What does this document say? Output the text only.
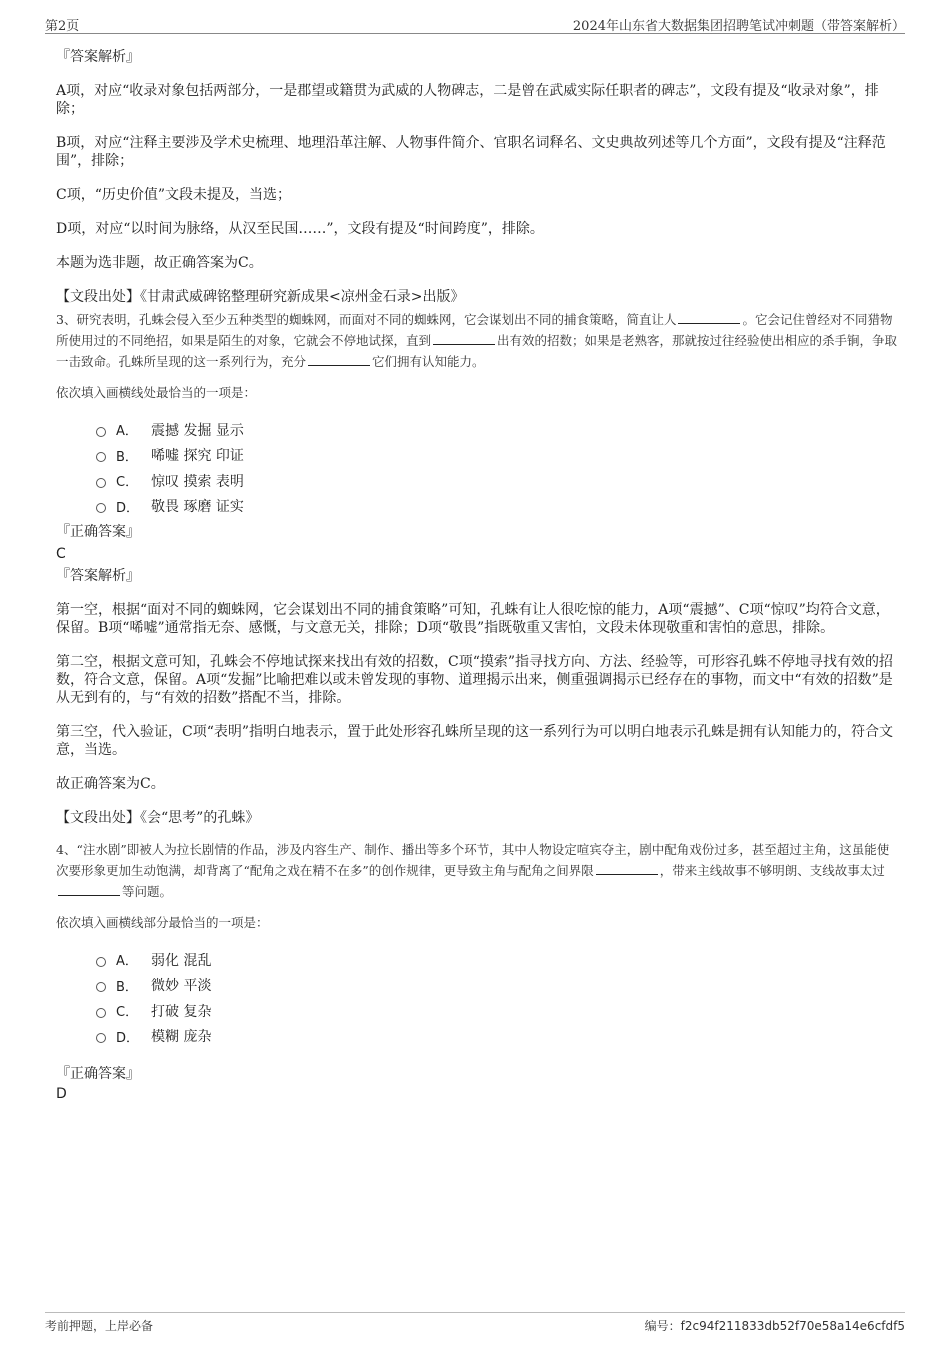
第2页	2024年山东省大数据集团招聘笔试冲刺题（带答案解析）

『答案解析』

A项，对应“收录对象包括两部分，一是郡望或籍贯为武威的人物碑志，二是曾在武威实际任职者的碑志”，文段有提及“收录对象”，排除；

B项，对应“注释主要涉及学术史梳理、地理沿革注解、人物事件简介、官职名词释名、文史典故列述等几个方面”，文段有提及“注释范围”，排除；

C项，“历史价值”文段未提及，当选；

D项，对应“以时间为脉络，从汉至民国……”，文段有提及“时间跨度”，排除。

本题为选非题，故正确答案为C。

【文段出处】《甘肃武威碑铭整理研究新成果<凉州金石录>出版》

3、研究表明，孔蛛会侵入至少五种类型的蜘蛛网，而面对不同的蜘蛛网，它会谋划出不同的捕食策略，简直让人	。它会记住曾经对不同猎物所使用过的不同绝招，如果是陌生的对象，它就会不停地试探，直到	出有效的招数；如果是老熟客，那就按过往经验使出相应的杀手锏，争取一击致命。孔蛛所呈现的这一系列行为，充分	它们拥有认知能力。

依次填入画横线处最恰当的一项是：

A． 震撼 发掘 显示
B． 唏嘘 探究 印证
C． 惊叹 摸索 表明
D． 敬畏 琢磨 证实

『正确答案』

C

『答案解析』

第一空，根据“面对不同的蜘蛛网，它会谋划出不同的捕食策略”可知，孔蛛有让人很吃惊的能力，A项“震撼”、C项“惊叹”均符合文意，保留。B项“唏嘘”通常指无奈、感慨，与文意无关，排除；D项“敬畏”指既敬重又害怕，文段未体现敬重和害怕的意思，排除。

第二空，根据文意可知，孔蛛会不停地试探来找出有效的招数，C项“摸索”指寻找方向、方法、经验等，可形容孔蛛不停地寻找有效的招数，符合文意，保留。A项“发掘”比喻把难以或未曾发现的事物、道理揭示出来，侧重强调揭示已经存在的事物，而文中“有效的招数”是从无到有的，与“有效的招数”搭配不当，排除。

第三空，代入验证，C项“表明”指明白地表示，置于此处形容孔蛛所呈现的这一系列行为可以明白地表示孔蛛是拥有认知能力的，符合文意，当选。

故正确答案为C。

【文段出处】《会“思考”的孔蛛》

4、“注水剧”即被人为拉长剧情的作品，涉及内容生产、制作、播出等多个环节，其中人物设定喧宾夺主，剧中配角戏份过多，甚至超过主角，这虽能使次要形象更加生动饱满，却背离了“配角之戏在精不在多”的创作规律，更导致主角与配角之间界限	，带来主线故事不够明朗、支线故事太过等问题。

依次填入画横线部分最恰当的一项是：

A． 弱化 混乱
B． 微妙 平淡
C． 打破 复杂
D． 模糊 庞杂

『正确答案』

D

考前押题，上岸必备	编号：f2c94f211833db52f70e58a14e6cfdf5
